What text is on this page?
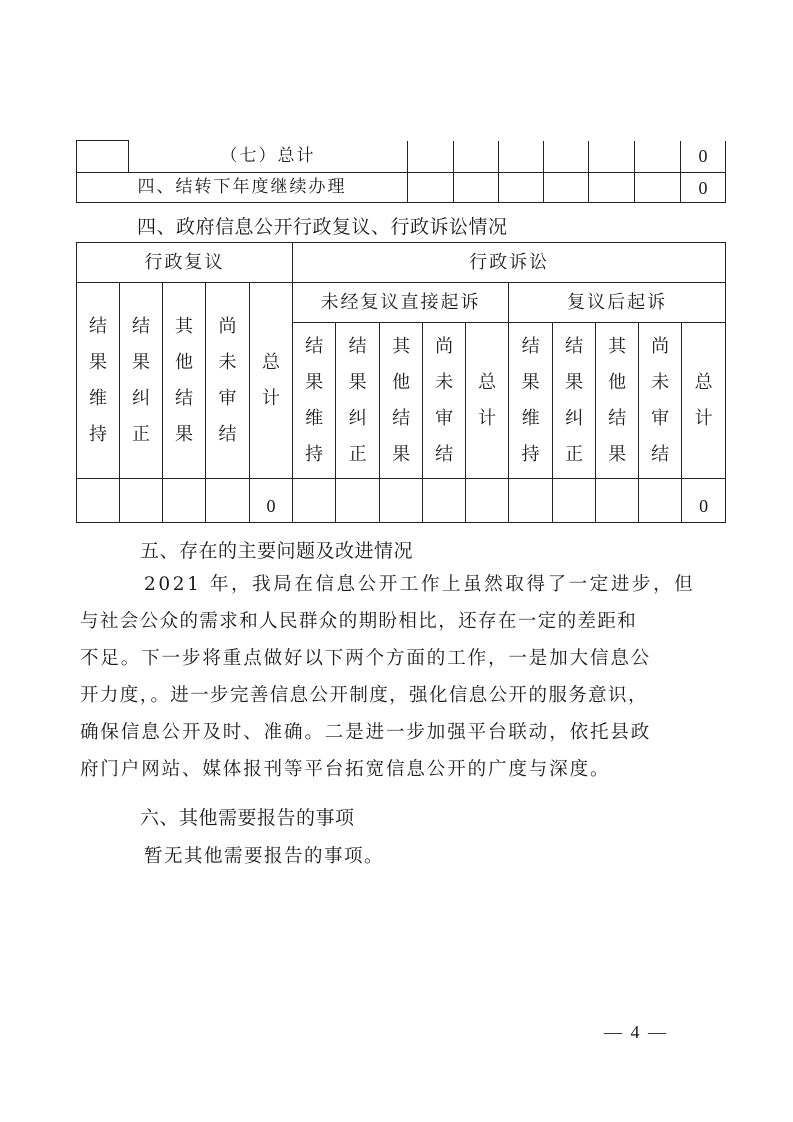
	（七）总计							0
四、结转下年度继续办理								0
四、政府信息公开行政复议、行政诉讼情况
行政复议					行政诉讼									
结果维持	结果纠正	其他结果	尚未审结	总计	未经复议直接起诉					复议后起诉				
					结果维持	结果纠正	其他结果	尚未审结	总计	结果维持	结果纠正	其他结果	尚未审结	总计
				0										0
五、存在的主要问题及改进情况
2021 年，我局在信息公开工作上虽然取得了一定进步，但
与社会公众的需求和人民群众的期盼相比，还存在一定的差距和
不足。下一步将重点做好以下两个方面的工作，一是加大信息公
开力度，。进一步完善信息公开制度，强化信息公开的服务意识，
确保信息公开及时、准确。二是进一步加强平台联动，依托县政
府门户网站、媒体报刊等平台拓宽信息公开的广度与深度。
六、其他需要报告的事项
暂无其他需要报告的事项。
— 4 —
